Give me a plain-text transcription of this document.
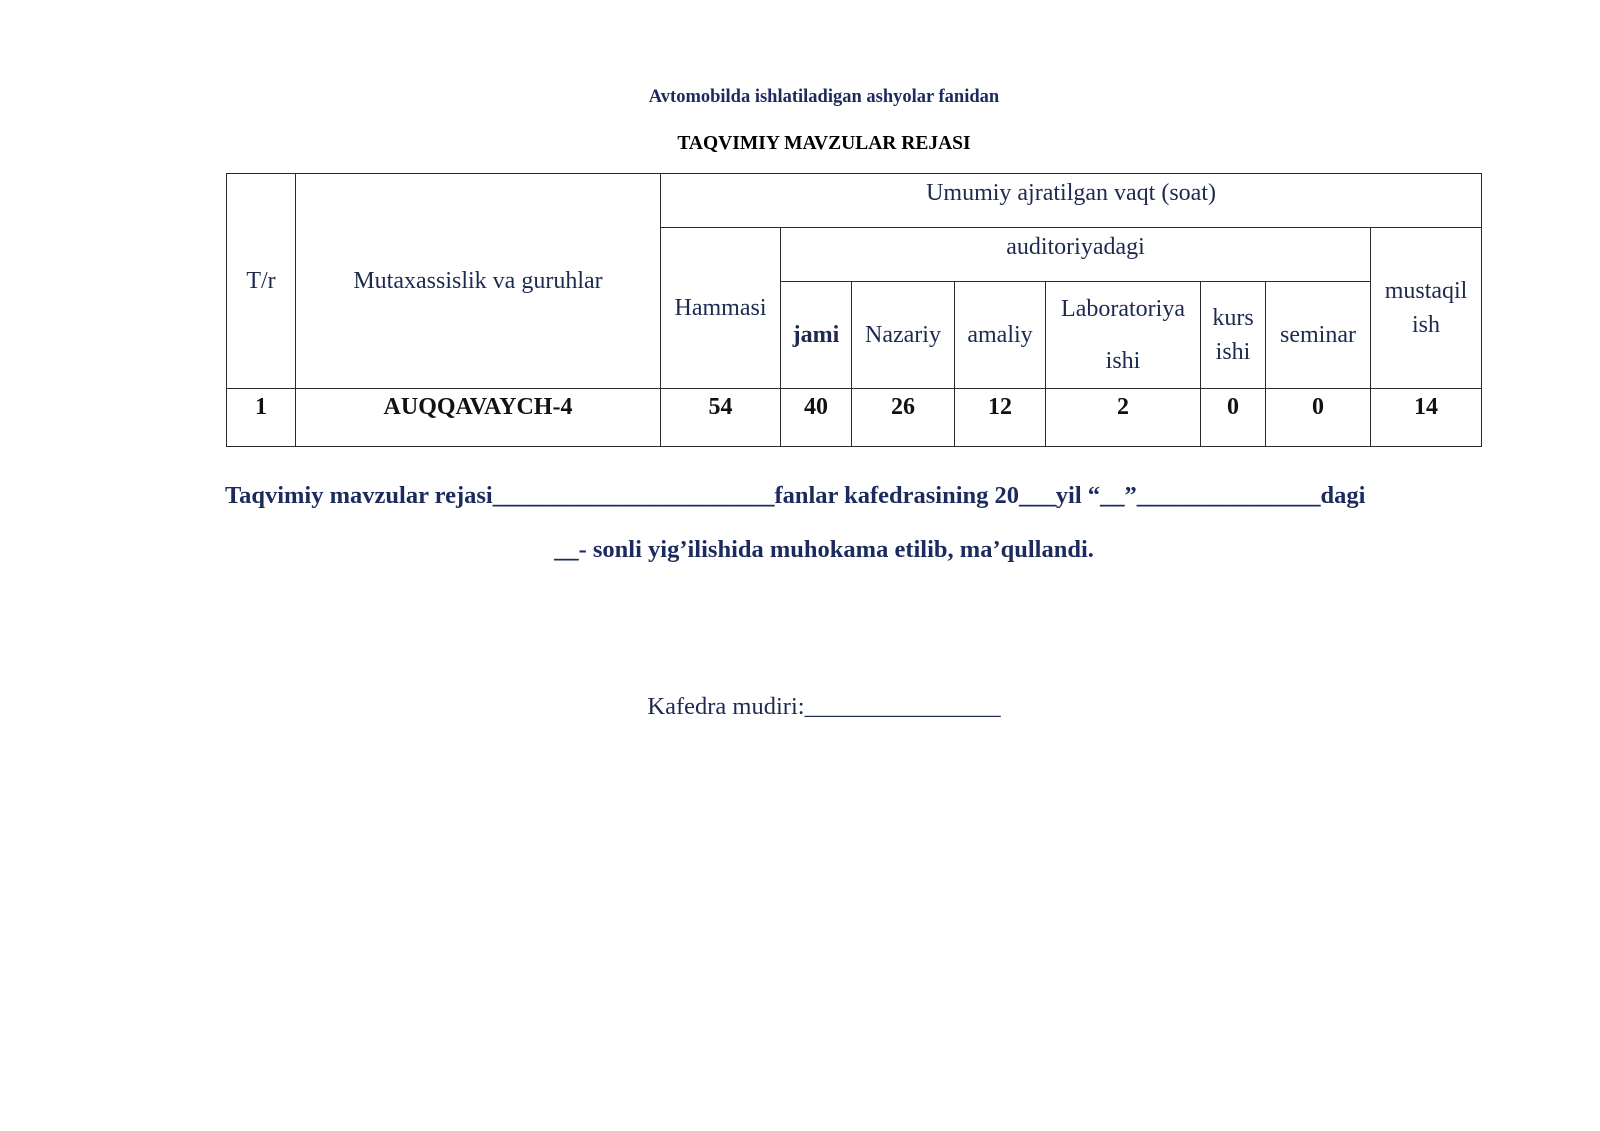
Avtomobilda ishlatiladigan ashyolar fanidan
TAQVIMIY MAVZULAR REJASI
T/r	Mutaxassislik va guruhlar	Umumiy ajratilgan vaqt (soat)							
		Hammasi	auditoriyadagi						mustaqil ish
			jami	Nazariy	amaliy	Laboratoriya ishi	kurs ishi	seminar	
1	AUQQAVAYCH-4	54	40	26	12	2	0	0	14
Taqvimiy mavzular rejasi_______________________fanlar kafedrasining 20___yil “__”_______________dagi
__- sonli yig’ilishida muhokama etilib, ma’qullandi.
Kafedra mudiri:________________
